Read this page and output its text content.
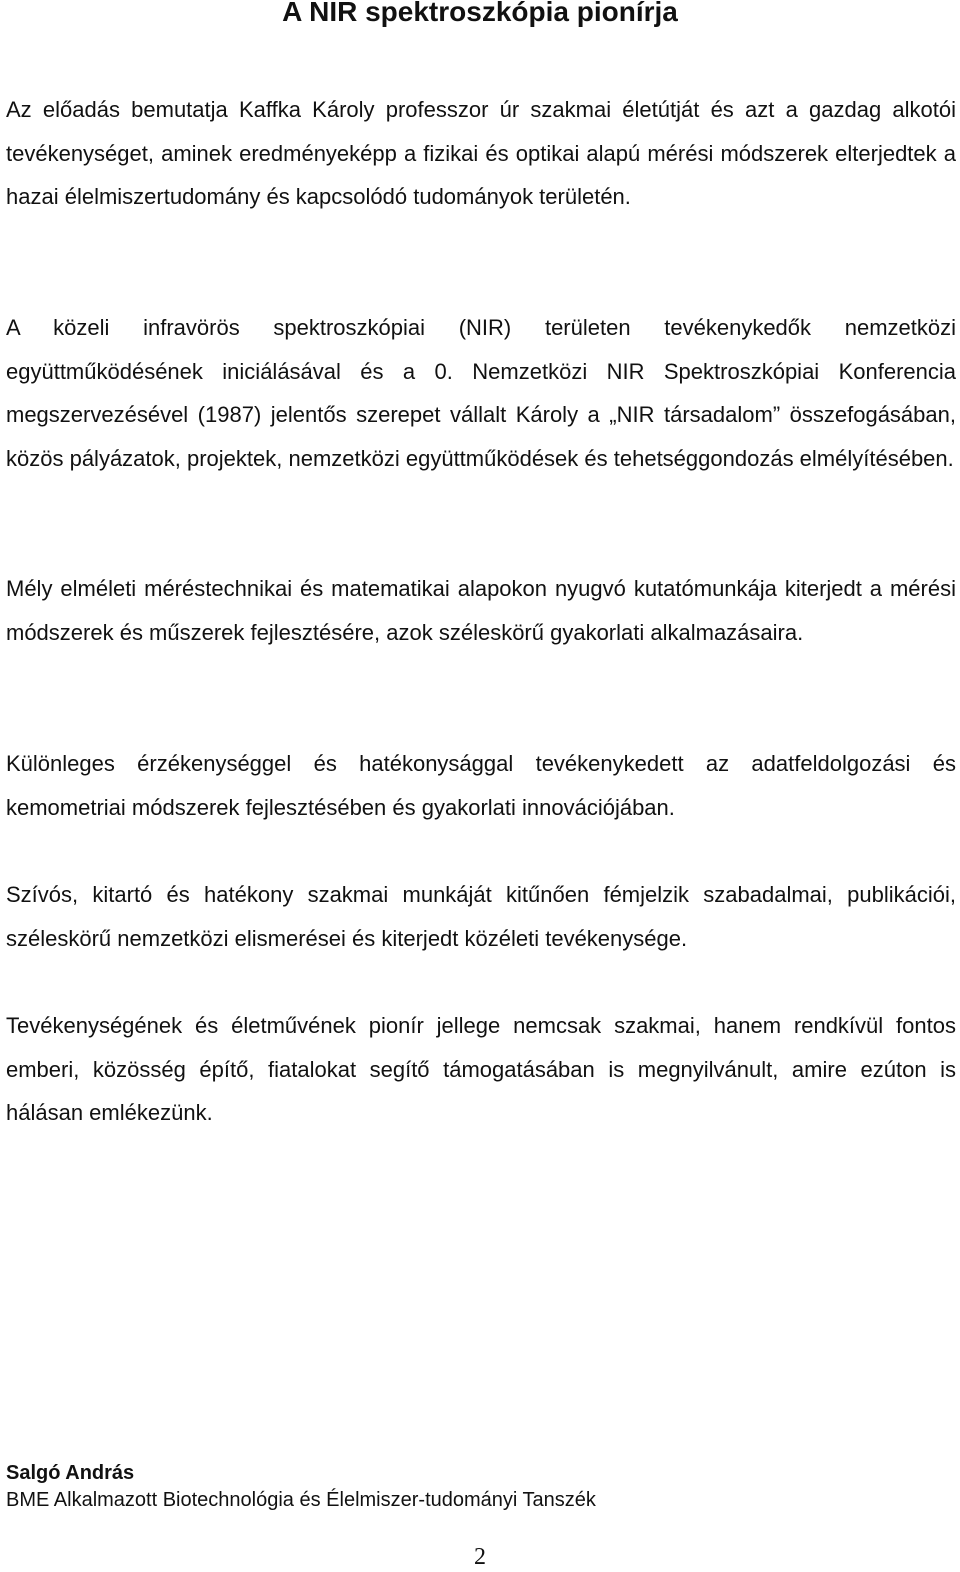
A NIR spektroszkópia pionírja

Az előadás bemutatja Kaffka Károly professzor úr szakmai életútját és azt a gazdag alkotói tevékenységet, aminek eredményeképp a fizikai és optikai alapú mérési módszerek elterjedtek a hazai élelmiszertudomány és kapcsolódó tudományok területén.

A közeli infravörös spektroszkópiai (NIR) területen tevékenykedők nemzetközi együttműködésének iniciálásával és a 0. Nemzetközi NIR Spektroszkópiai Konferencia megszervezésével (1987) jelentős szerepet vállalt Károly a „NIR társadalom” összefogásában, közös pályázatok, projektek, nemzetközi együttműködések és tehetséggondozás elmélyítésében.

Mély elméleti méréstechnikai és matematikai alapokon nyugvó kutatómunkája kiterjedt a mérési módszerek és műszerek fejlesztésére, azok széleskörű gyakorlati alkalmazásaira.

Különleges érzékenységgel és hatékonysággal tevékenykedett az adatfeldolgozási és kemometriai módszerek fejlesztésében és gyakorlati innovációjában.

Szívós, kitartó és hatékony szakmai munkáját kitűnően fémjelzik szabadalmai, publikációi, széleskörű nemzetközi elismerései és kiterjedt közéleti tevékenysége.

Tevékenységének és életművének pionír jellege nemcsak szakmai, hanem rendkívül fontos emberi, közösség építő, fiatalokat segítő támogatásában is megnyilvánult, amire ezúton is hálásan emlékezünk.

Salgó András
BME Alkalmazott Biotechnológia és Élelmiszer-tudományi Tanszék
2
